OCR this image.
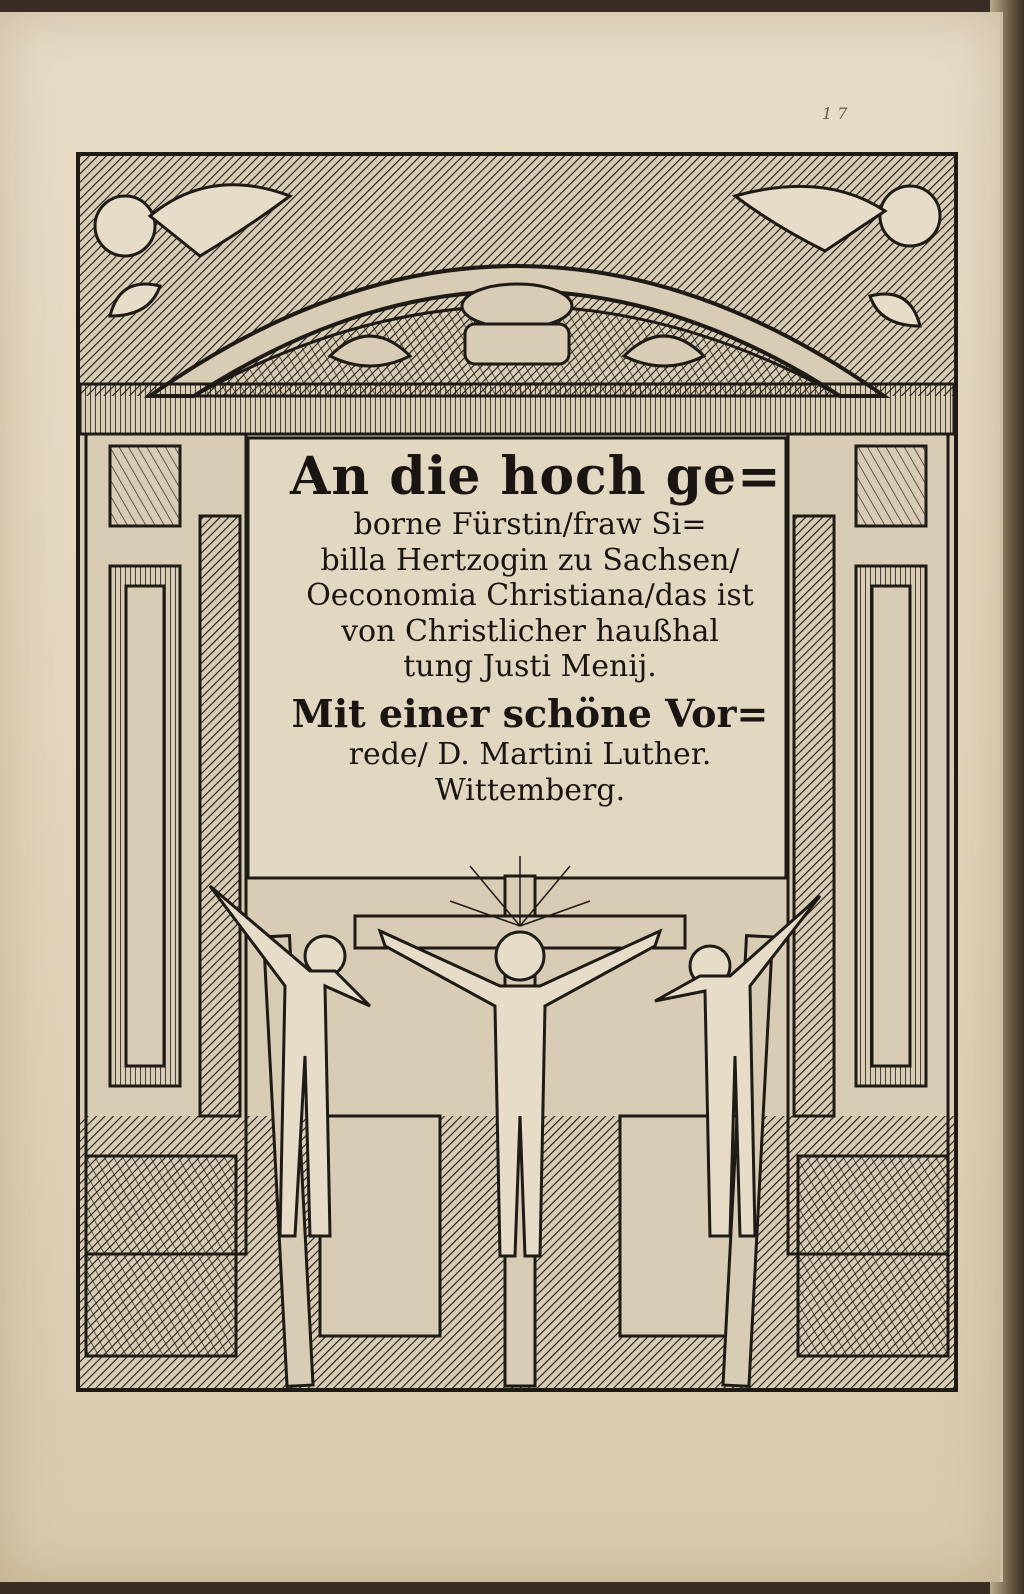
1 7
An die hoch ge=
borne Fürstin/fraw Si=
billa Hertzogin zu Sachsen/
Oeconomia Christiana/das ist
von Christlicher haußhal
tung Justi Menij.
Mit einer schöne Vor=
rede/ D. Martini Luther.
Wittemberg.
